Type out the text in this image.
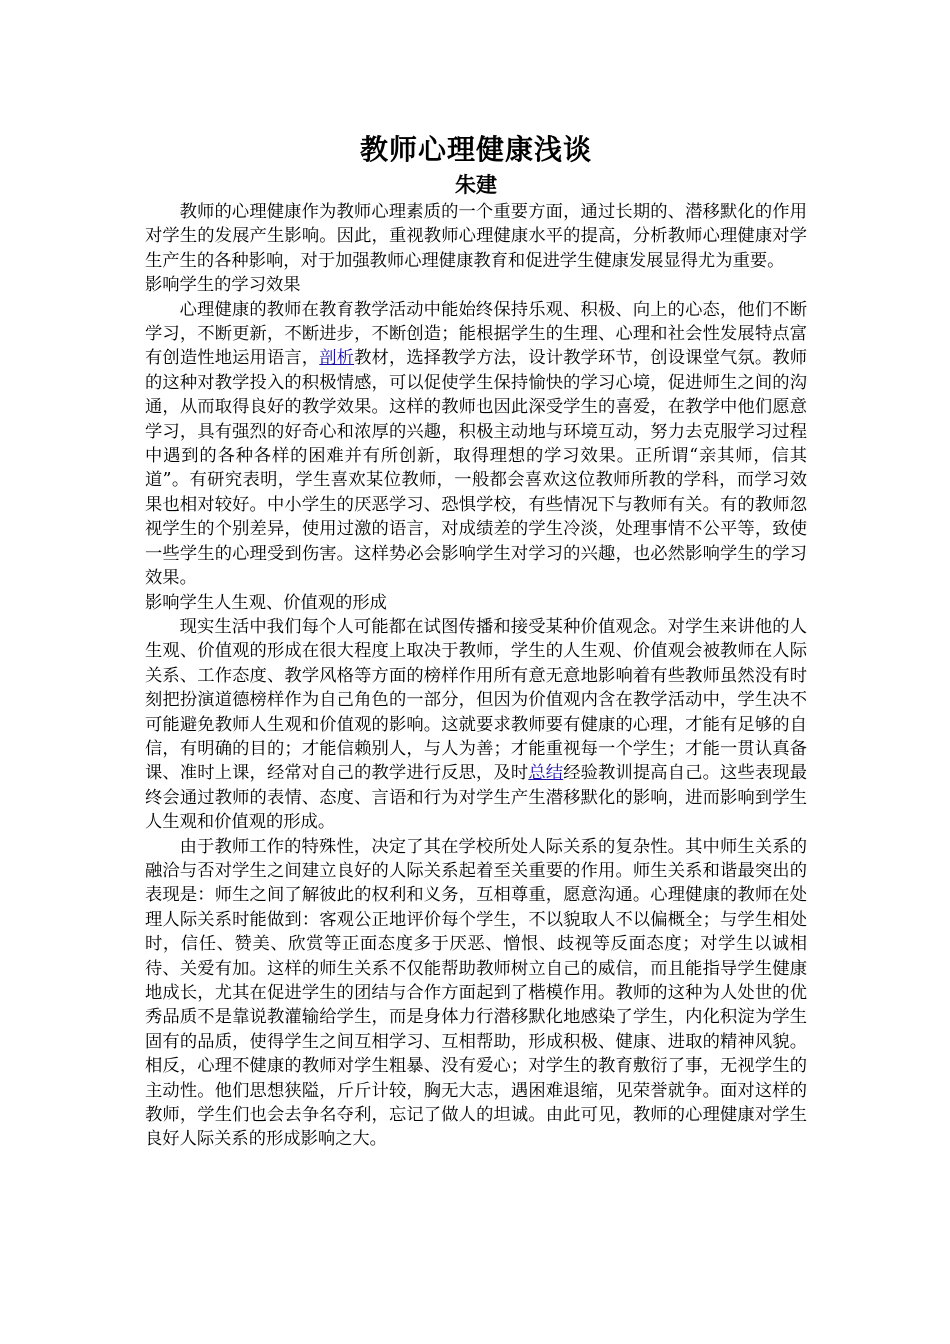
教师心理健康浅谈

朱建

教师的心理健康作为教师心理素质的一个重要方面，通过长期的、潜移默化的作用对学生的发展产生影响。因此，重视教师心理健康水平的提高，分析教师心理健康对学生产生的各种影响，对于加强教师心理健康教育和促进学生健康发展显得尤为重要。

影响学生的学习效果

心理健康的教师在教育教学活动中能始终保持乐观、积极、向上的心态，他们不断学习，不断更新，不断进步，不断创造；能根据学生的生理、心理和社会性发展特点富有创造性地运用语言，剖析教材，选择教学方法，设计教学环节，创设课堂气氛。教师的这种对教学投入的积极情感，可以促使学生保持愉快的学习心境，促进师生之间的沟通，从而取得良好的教学效果。这样的教师也因此深受学生的喜爱，在教学中他们愿意学习，具有强烈的好奇心和浓厚的兴趣，积极主动地与环境互动，努力去克服学习过程中遇到的各种各样的困难并有所创新，取得理想的学习效果。正所谓“亲其师，信其道”。有研究表明，学生喜欢某位教师，一般都会喜欢这位教师所教的学科，而学习效果也相对较好。中小学生的厌恶学习、恐惧学校，有些情况下与教师有关。有的教师忽视学生的个别差异，使用过激的语言，对成绩差的学生冷淡，处理事情不公平等，致使一些学生的心理受到伤害。这样势必会影响学生对学习的兴趣，也必然影响学生的学习效果。

影响学生人生观、价值观的形成

现实生活中我们每个人可能都在试图传播和接受某种价值观念。对学生来讲他的人生观、价值观的形成在很大程度上取决于教师，学生的人生观、价值观会被教师在人际关系、工作态度、教学风格等方面的榜样作用所有意无意地影响着有些教师虽然没有时刻把扮演道德榜样作为自己角色的一部分，但因为价值观内含在教学活动中，学生决不可能避免教师人生观和价值观的影响。这就要求教师要有健康的心理，才能有足够的自信，有明确的目的；才能信赖别人，与人为善；才能重视每一个学生；才能一贯认真备课、准时上课，经常对自己的教学进行反思，及时总结经验教训提高自己。这些表现最终会通过教师的表情、态度、言语和行为对学生产生潜移默化的影响，进而影响到学生人生观和价值观的形成。

由于教师工作的特殊性，决定了其在学校所处人际关系的复杂性。其中师生关系的融洽与否对学生之间建立良好的人际关系起着至关重要的作用。师生关系和谐最突出的表现是：师生之间了解彼此的权利和义务，互相尊重，愿意沟通。心理健康的教师在处理人际关系时能做到：客观公正地评价每个学生，不以貌取人不以偏概全；与学生相处时，信任、赞美、欣赏等正面态度多于厌恶、憎恨、歧视等反面态度；对学生以诚相待、关爱有加。这样的师生关系不仅能帮助教师树立自己的威信，而且能指导学生健康地成长，尤其在促进学生的团结与合作方面起到了楷模作用。教师的这种为人处世的优秀品质不是靠说教灌输给学生，而是身体力行潜移默化地感染了学生，内化积淀为学生固有的品质，使得学生之间互相学习、互相帮助，形成积极、健康、进取的精神风貌。相反，心理不健康的教师对学生粗暴、没有爱心；对学生的教育敷衍了事，无视学生的主动性。他们思想狭隘，斤斤计较，胸无大志，遇困难退缩，见荣誉就争。面对这样的教师，学生们也会去争名夺利，忘记了做人的坦诚。由此可见，教师的心理健康对学生良好人际关系的形成影响之大。
